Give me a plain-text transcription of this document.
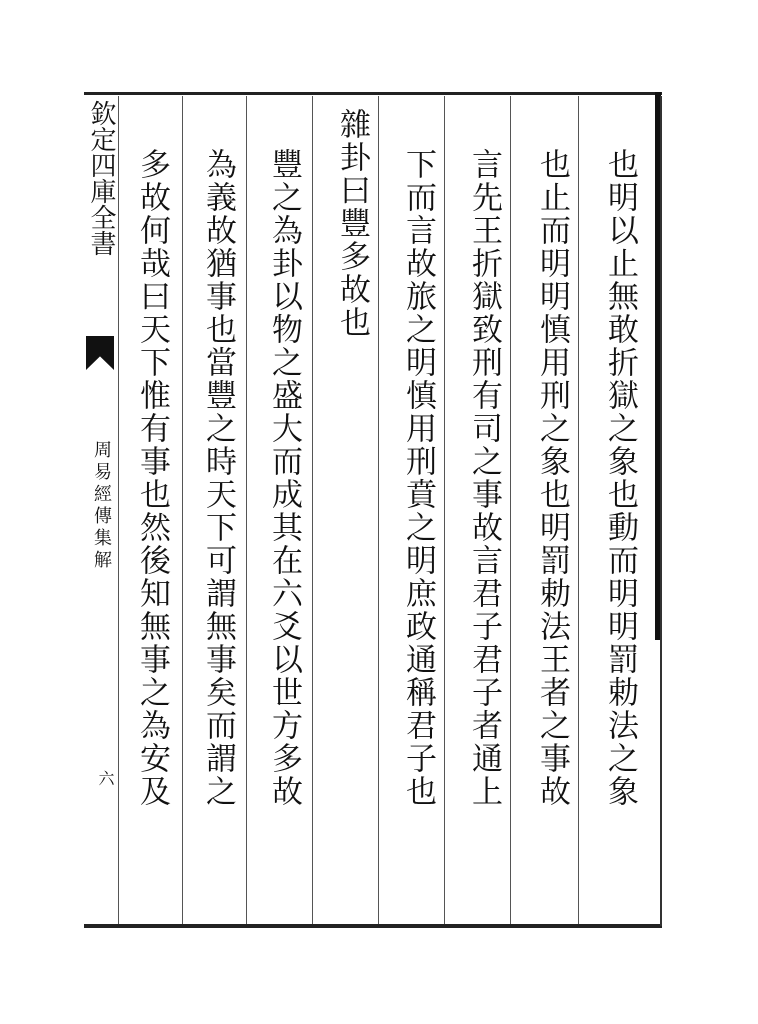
欽定四庫全書
周易經傳集解
六	也明以止無敢折獄之象也動而明明罰勅法之象
也止而明明慎用刑之象也明罰勅法王者之事故
言先王折獄致刑有司之事故言君子君子者通上
下而言故旅之明慎用刑賁之明庶政通稱君子也
雜卦曰豐多故也
豐之為卦以物之盛大而成其在六爻以世方多故
為義故猶事也當豐之時天下可謂無事矣而謂之
多故何哉曰天下惟有事也然後知無事之為安及
